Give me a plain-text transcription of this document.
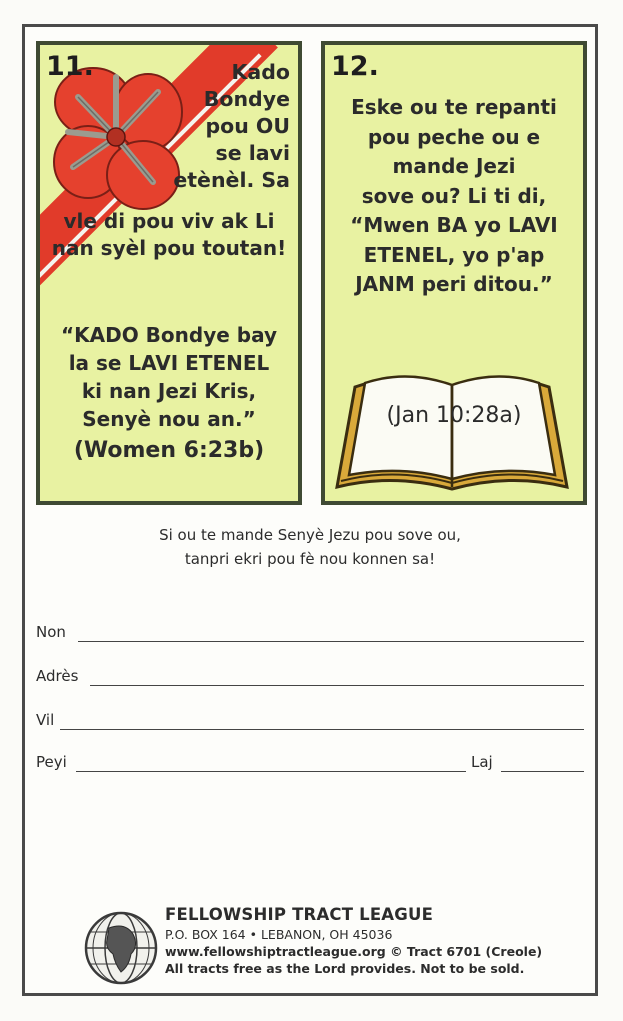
11.	Kado
Bondye
pou OU
se lavi
etènèl. Sa
vle di pou viv ak Li
nan syèl pou toutan!
“KADO Bondye bay
la se LAVI ETENEL
ki nan Jezi Kris,
Senyè nou an.”
(Women 6:23b)
12.
Eske ou te repanti
pou peche ou e
mande Jezi
sove ou? Li ti di,
“Mwen BA yo LAVI
ETENEL, yo p'ap
JANM peri ditou.”
(Jan 10:28a)
Si ou te mande Senyè Jezu pou sove ou,
tanpri ekri pou fè nou konnen sa!
Non
Adrès
Vil
Peyi	Laj
FELLOWSHIP TRACT LEAGUE
P.O. BOX 164 • LEBANON, OH 45036
www.fellowshiptractleague.org © Tract 6701 (Creole)
All tracts free as the Lord provides. Not to be sold.
